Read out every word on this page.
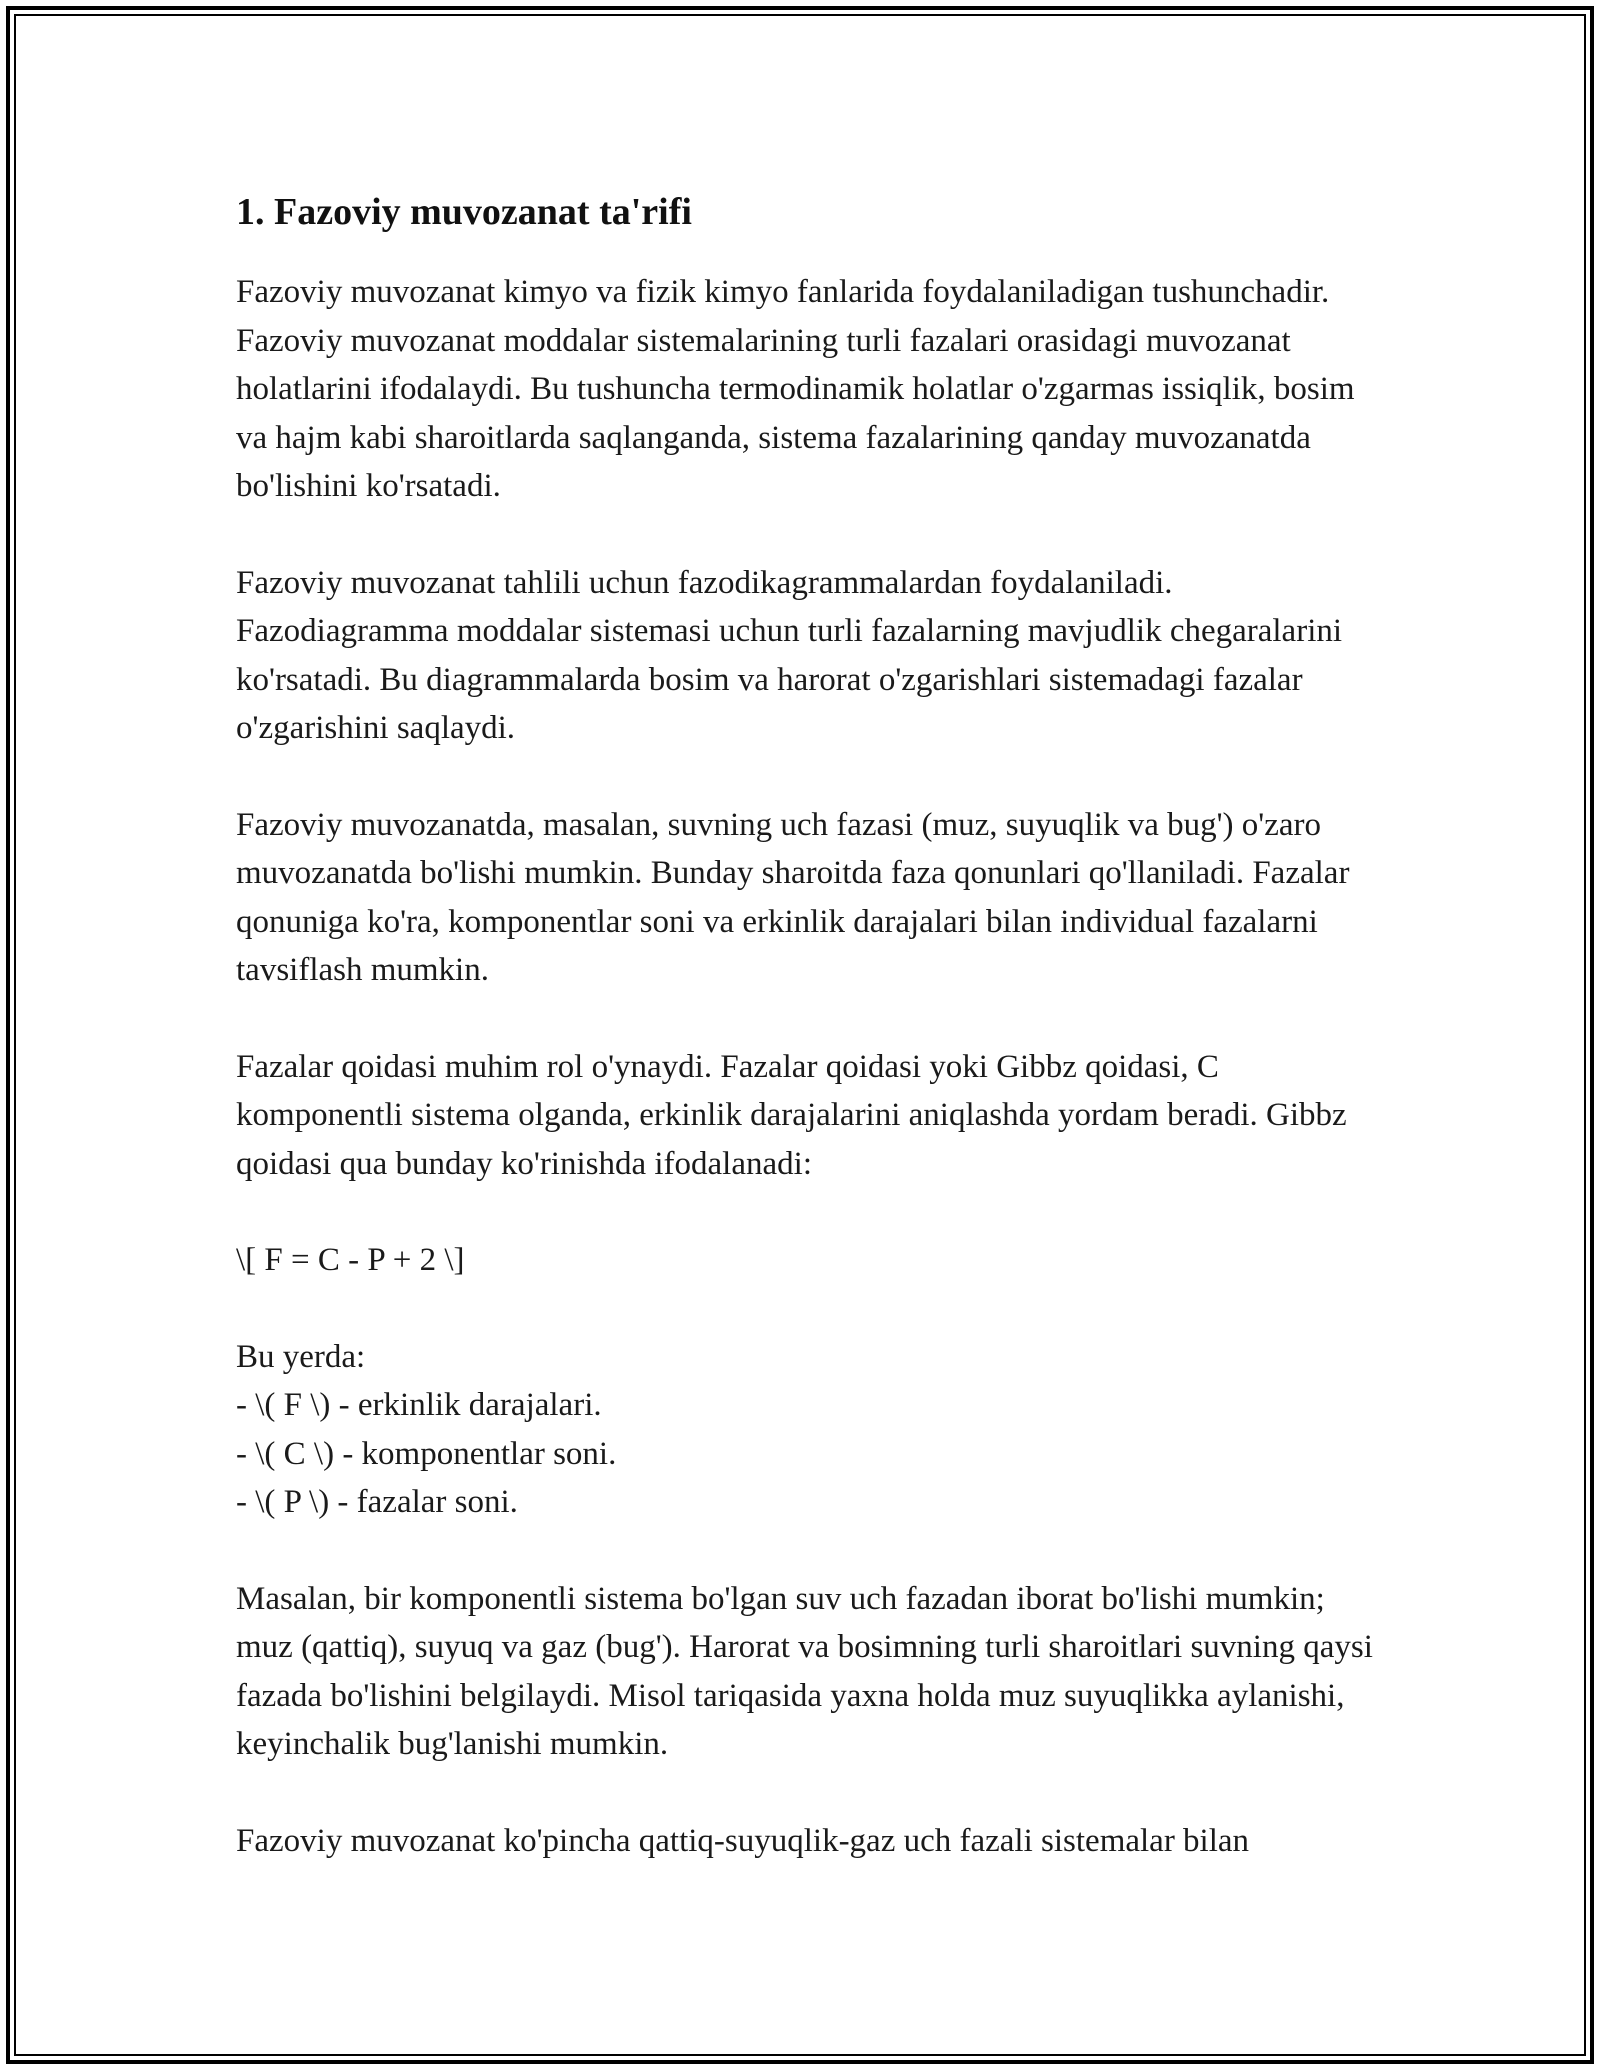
1. Fazoviy muvozanat ta'rifi

Fazoviy muvozanat kimyo va fizik kimyo fanlarida foydalaniladigan tushunchadir. Fazoviy muvozanat moddalar sistemalarining turli fazalari orasidagi muvozanat holatlarini ifodalaydi. Bu tushuncha termodinamik holatlar o'zgarmas issiqlik, bosim va hajm kabi sharoitlarda saqlanganda, sistema fazalarining qanday muvozanatda bo'lishini ko'rsatadi.

Fazoviy muvozanat tahlili uchun fazodikagrammalardan foydalaniladi. Fazodiagramma moddalar sistemasi uchun turli fazalarning mavjudlik chegaralarini ko'rsatadi. Bu diagrammalarda bosim va harorat o'zgarishlari sistemadagi fazalar o'zgarishini saqlaydi.

Fazoviy muvozanatda, masalan, suvning uch fazasi (muz, suyuqlik va bug') o'zaro muvozanatda bo'lishi mumkin. Bunday sharoitda faza qonunlari qo'llaniladi. Fazalar qonuniga ko'ra, komponentlar soni va erkinlik darajalari bilan individual fazalarni tavsiflash mumkin.

Fazalar qoidasi muhim rol o'ynaydi. Fazalar qoidasi yoki Gibbz qoidasi, C komponentli sistema olganda, erkinlik darajalarini aniqlashda yordam beradi. Gibbz qoidasi qua bunday ko'rinishda ifodalanadi:

\[ F = C - P + 2 \]
Bu yerda:
- \( F \) - erkinlik darajalari.
- \( C \) - komponentlar soni.
- \( P \) - fazalar soni.

Masalan, bir komponentli sistema bo'lgan suv uch fazadan iborat bo'lishi mumkin; muz (qattiq), suyuq va gaz (bug'). Harorat va bosimning turli sharoitlari suvning qaysi fazada bo'lishini belgilaydi. Misol tariqasida yaxna holda muz suyuqlikka aylanishi, keyinchalik bug'lanishi mumkin.

Fazoviy muvozanat ko'pincha qattiq-suyuqlik-gaz uch fazali sistemalar bilan
